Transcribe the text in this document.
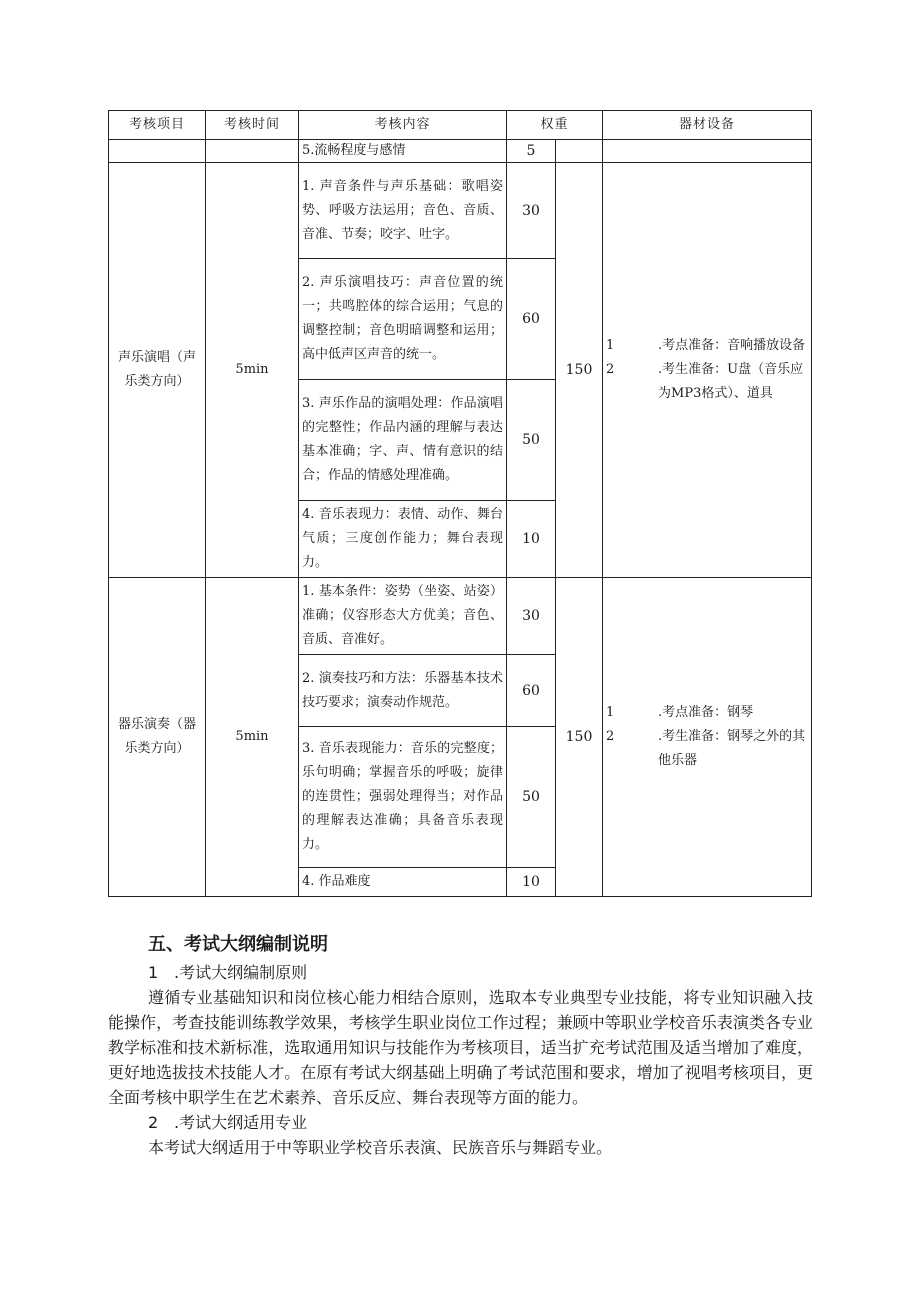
考核项目	考核时间	考核内容	权重		器材设备
		5.流畅程度与感情	5		
声乐演唱（声乐类方向）	5min	1. 声音条件与声乐基础：歌唱姿势、呼吸方法运用；音色、音质、音准、节奏；咬字、吐字。	30	150	1 .考点准备：音响播放设备
2 .考生准备：U盘（音乐应为MP3格式）、道具

		2. 声乐演唱技巧：声音位置的统一；共鸣腔体的综合运用；气息的调整控制；音色明暗调整和运用；高中低声区声音的统一。	60		
		3. 声乐作品的演唱处理：作品演唱的完整性；作品内涵的理解与表达基本准确；字、声、情有意识的结合；作品的情感处理准确。	50		
		4. 音乐表现力：表情、动作、舞台气质；三度创作能力；舞台表现力。	10		
器乐演奏（器乐类方向）	5min	1. 基本条件：姿势（坐姿、站姿）准确；仪容形态大方优美；音色、音质、音准好。	30	150	1 .考点准备：钢琴
2 .考生准备：钢琴之外的其他乐器

		2. 演奏技巧和方法：乐器基本技术技巧要求；演奏动作规范。	60		
		3. 音乐表现能力：音乐的完整度；乐句明确；掌握音乐的呼吸；旋律的连贯性；强弱处理得当；对作品的理解表达准确；具备音乐表现力。	50		
		4. 作品难度	10		
五、考试大纲编制说明
1 .考试大纲编制原则

遵循专业基础知识和岗位核心能力相结合原则，选取本专业典型专业技能，将专业知识融入技能操作，考查技能训练教学效果，考核学生职业岗位工作过程；兼顾中等职业学校音乐表演类各专业教学标准和技术新标准，选取通用知识与技能作为考核项目，适当扩充考试范围及适当增加了难度，更好地选拔技术技能人才。在原有考试大纲基础上明确了考试范围和要求，增加了视唱考核项目，更全面考核中职学生在艺术素养、音乐反应、舞台表现等方面的能力。

2 .考试大纲适用专业

本考试大纲适用于中等职业学校音乐表演、民族音乐与舞蹈专业。
